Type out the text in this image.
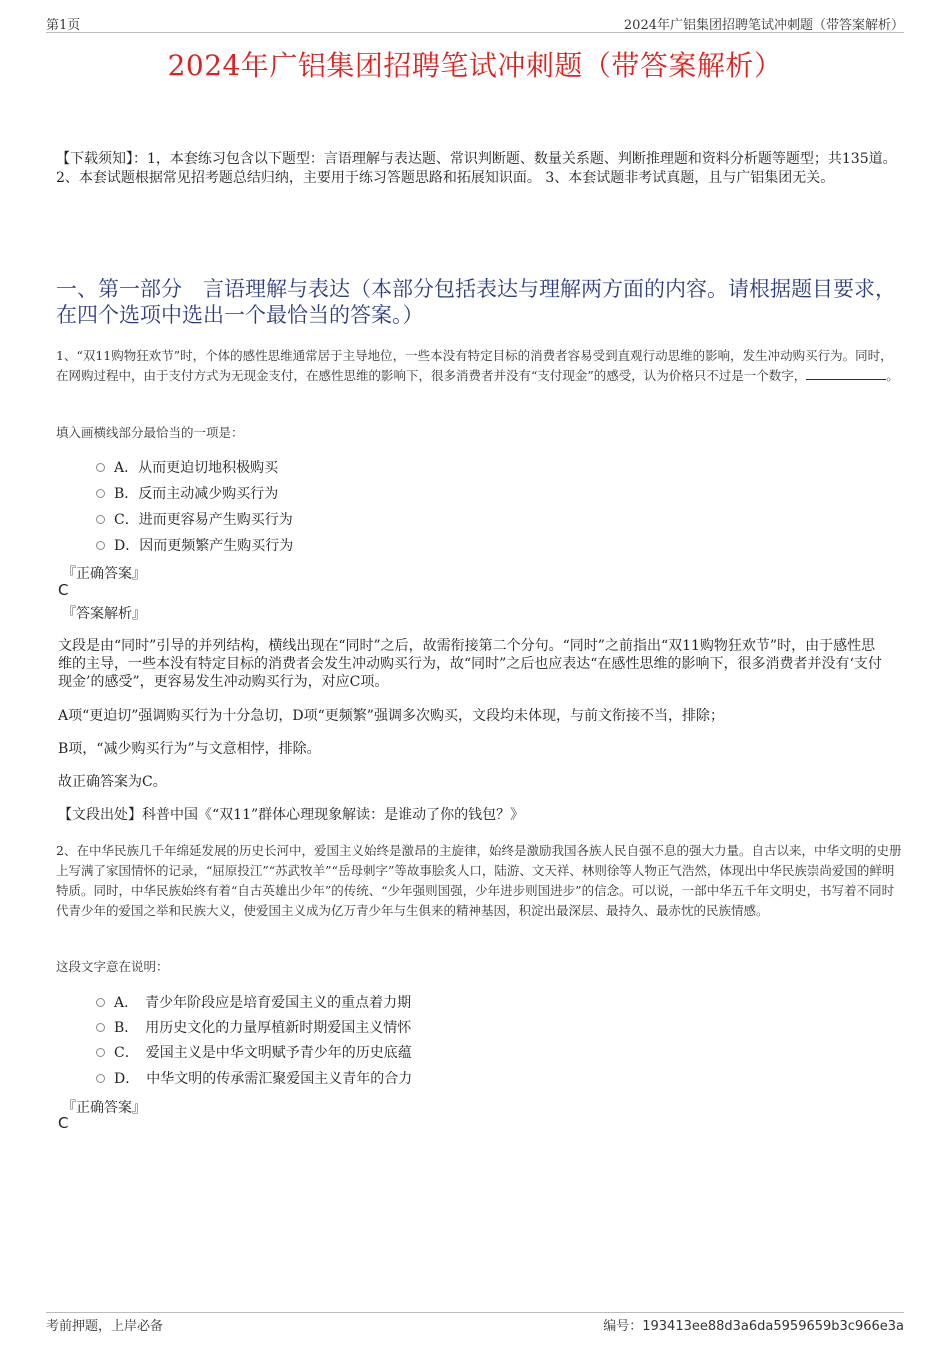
第1页	2024年广铝集团招聘笔试冲刺题（带答案解析）
2024年广铝集团招聘笔试冲刺题（带答案解析）
【下载须知】：1，本套练习包含以下题型：言语理解与表达题、常识判断题、数量关系题、判断推理题和资料分析题等题型；共135道。 2、本套试题根据常见招考题总结归纳，主要用于练习答题思路和拓展知识面。 3、本套试题非考试真题，且与广铝集团无关。
一、第一部分　言语理解与表达（本部分包括表达与理解两方面的内容。请根据题目要求，在四个选项中选出一个最恰当的答案。）
1、“双11购物狂欢节”时，个体的感性思维通常居于主导地位，一些本没有特定目标的消费者容易受到直观行动思维的影响，发生冲动购买行为。同时，在网购过程中，由于支付方式为无现金支付，在感性思维的影响下，很多消费者并没有“支付现金”的感受，认为价格只不过是一个数字，	。
填入画横线部分最恰当的一项是：
A．从而更迫切地积极购买
B．反而主动减少购买行为
C．进而更容易产生购买行为
D．因而更频繁产生购买行为
『正确答案』
C
『答案解析』
文段是由“同时”引导的并列结构，横线出现在“同时”之后，故需衔接第二个分句。“同时”之前指出“双11购物狂欢节”时，由于感性思维的主导，一些本没有特定目标的消费者会发生冲动购买行为，故“同时”之后也应表达“在感性思维的影响下，很多消费者并没有‘支付现金’的感受”，更容易发生冲动购买行为，对应C项。
A项“更迫切”强调购买行为十分急切，D项“更频繁”强调多次购买，文段均未体现，与前文衔接不当，排除；
B项，“减少购买行为”与文意相悖，排除。
故正确答案为C。
【文段出处】科普中国《“双11”群体心理现象解读：是谁动了你的钱包？》
2、在中华民族几千年绵延发展的历史长河中，爱国主义始终是激昂的主旋律，始终是激励我国各族人民自强不息的强大力量。自古以来，中华文明的史册上写满了家国情怀的记录，“屈原投江”“苏武牧羊”“岳母刺字”等故事脍炙人口，陆游、文天祥、林则徐等人物正气浩然，体现出中华民族崇尚爱国的鲜明特质。同时，中华民族始终有着“自古英雄出少年”的传统、“少年强则国强，少年进步则国进步”的信念。可以说，一部中华五千年文明史，书写着不同时代青少年的爱国之举和民族大义，使爱国主义成为亿万青少年与生俱来的精神基因，积淀出最深层、最持久、最赤忱的民族情感。
这段文字意在说明：
A．　青少年阶段应是培育爱国主义的重点着力期
B．　用历史文化的力量厚植新时期爱国主义情怀
C．　爱国主义是中华文明赋予青少年的历史底蕴
D．　中华文明的传承需汇聚爱国主义青年的合力
『正确答案』
C
考前押题，上岸必备	编号：193413ee88d3a6da5959659b3c966e3a
